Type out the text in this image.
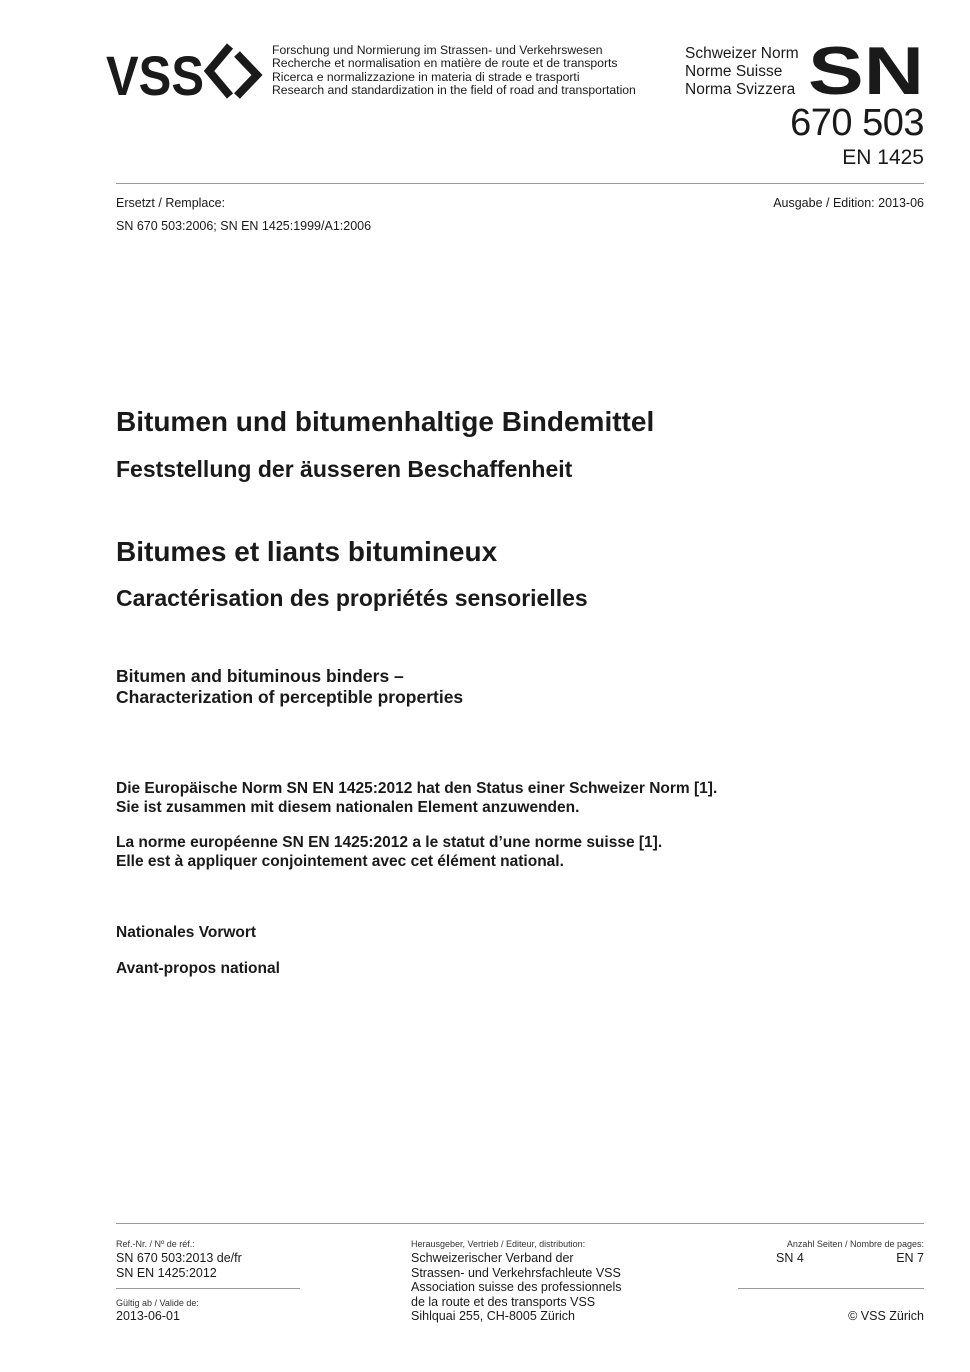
VSS	Forschung und Normierung im Strassen- und Verkehrswesen
Recherche et normalisation en matière de route et de transports
Ricerca e normalizzazione in materia di strade e trasporti
Research and standardization in the field of road and transportation
Schweizer Norm
Norme Suisse
Norma Svizzera SN
670 503
EN 1425
Ersetzt / Remplace:
SN 670 503:2006; SN EN 1425:1999/A1:2006
Ausgabe / Edition: 2013-06
Bitumen und bitumenhaltige Bindemittel
Feststellung der äusseren Beschaffenheit
Bitumes et liants bitumineux
Caractérisation des propriétés sensorielles
Bitumen and bituminous binders –
Characterization of perceptible properties
Die Europäische Norm SN EN 1425:2012 hat den Status einer Schweizer Norm [1].
Sie ist zusammen mit diesem nationalen Element anzuwenden.
La norme européenne SN EN 1425:2012 a le statut d’une norme suisse [1].
Elle est à appliquer conjointement avec cet élément national.
Nationales Vorwort
Avant-propos national
Ref.-Nr. / Nº de réf.:
SN 670 503:2013 de/fr
SN EN 1425:2012
Gültig ab / Valide de:
2013-06-01
Herausgeber, Vertrieb / Editeur, distribution:
Schweizerischer Verband der
Strassen- und Verkehrsfachleute VSS
Association suisse des professionnels
de la route et des transports VSS
Sihlquai 255, CH-8005 Zürich
Anzahl Seiten / Nombre de pages:
SN 4	EN 7
© VSS Zürich
